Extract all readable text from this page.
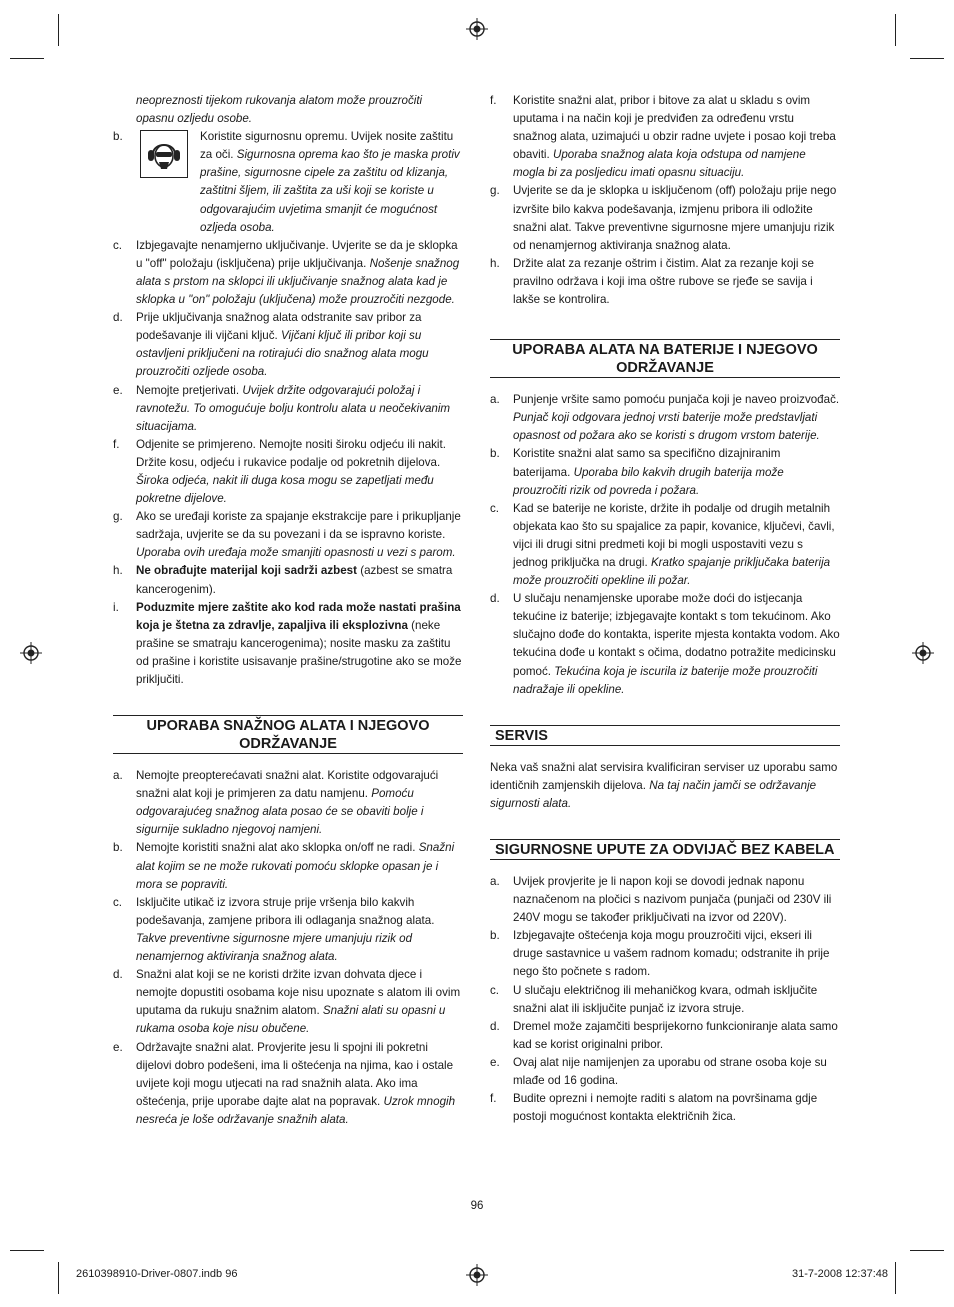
neopreznosti tijekom rukovanja alatom može prouzročiti opasnu ozljedu osobe.
b.	Koristite sigurnosnu opremu. Uvijek nosite zaštitu za oči. Sigurnosna oprema kao što je maska protiv prašine, sigurnosne cipele za zaštitu od klizanja, zaštitni šljem, ili zaštita za uši koji se koriste u odgovarajućim uvjetima smanjit će mogućnost ozljeda osoba.
c. Izbjegavajte nenamjerno uključivanje. Uvjerite se da je sklopka u "off" položaju (isključena) prije uključivanja. Nošenje snažnog alata s prstom na sklopci ili uključivanje snažnog alata kad je sklopka u "on" položaju (uključena) može prouzročiti nezgode.
d. Prije uključivanja snažnog alata odstranite sav pribor za podešavanje ili vijčani ključ. Vijčani ključ ili pribor koji su ostavljeni priključeni na rotirajući dio snažnog alata mogu prouzročiti ozljede osoba.
e. Nemojte pretjerivati. Uvijek držite odgovarajući položaj i ravnotežu. To omogućuje bolju kontrolu alata u neočekivanim situacijama.
f. Odjenite se primjereno. Nemojte nositi široku odjeću ili nakit. Držite kosu, odjeću i rukavice podalje od pokretnih dijelova. Široka odjeća, nakit ili duga kosa mogu se zapetljati među pokretne dijelove.
g. Ako se uređaji koriste za spajanje ekstrakcije pare i prikupljanje sadržaja, uvjerite se da su povezani i da se ispravno koriste. Uporaba ovih uređaja može smanjiti opasnosti u vezi s parom.
h. Ne obrađujte materijal koji sadrži azbest (azbest se smatra kancerogenim).
i. Poduzmite mjere zaštite ako kod rada može nastati prašina koja je štetna za zdravlje, zapaljiva ili eksplozivna (neke prašine se smatraju kancerogenima); nosite masku za zaštitu od prašine i koristite usisavanje prašine/strugotine ako se može priključiti.
UPORABA SNAŽNOG ALATA I NJEGOVO ODRŽAVANJE
a. Nemojte preopterećavati snažni alat. Koristite odgovarajući snažni alat koji je primjeren za datu namjenu. Pomoću odgovarajućeg snažnog alata posao će se obaviti bolje i sigurnije sukladno njegovoj namjeni.
b. Nemojte koristiti snažni alat ako sklopka on/off ne radi. Snažni alat kojim se ne može rukovati pomoću sklopke opasan je i mora se popraviti.
c. Isključite utikač iz izvora struje prije vršenja bilo kakvih podešavanja, zamjene pribora ili odlaganja snažnog alata. Takve preventivne sigurnosne mjere umanjuju rizik od nenamjernog aktiviranja snažnog alata.
d. Snažni alat koji se ne koristi držite izvan dohvata djece i nemojte dopustiti osobama koje nisu upoznate s alatom ili ovim uputama da rukuju snažnim alatom. Snažni alati su opasni u rukama osoba koje nisu obučene.
e. Održavajte snažni alat. Provjerite jesu li spojni ili pokretni dijelovi dobro podešeni, ima li oštećenja na njima, kao i ostale uvijete koji mogu utjecati na rad snažnih alata. Ako ima oštećenja, prije uporabe dajte alat na popravak. Uzrok mnogih nesreća je loše održavanje snažnih alata.
f. Koristite snažni alat, pribor i bitove za alat u skladu s ovim uputama i na način koji je predviđen za određenu vrstu snažnog alata, uzimajući u obzir radne uvjete i posao koji treba obaviti. Uporaba snažnog alata koja odstupa od namjene mogla bi za posljedicu imati opasnu situaciju.
g. Uvjerite se da je sklopka u isključenom (off) položaju prije nego izvršite bilo kakva podešavanja, izmjenu pribora ili odložite snažni alat. Takve preventivne sigurnosne mjere umanjuju rizik od nenamjernog aktiviranja snažnog alata.
h. Držite alat za rezanje oštrim i čistim. Alat za rezanje koji se pravilno održava i koji ima oštre rubove se rjeđe se savija i lakše se kontrolira.
UPORABA ALATA NA BATERIJE I NJEGOVO ODRŽAVANJE
a. Punjenje vršite samo pomoću punjača koji je naveo proizvođač. Punjač koji odgovara jednoj vrsti baterije može predstavljati opasnost od požara ako se koristi s drugom vrstom baterije.
b. Koristite snažni alat samo sa specifično dizajniranim baterijama. Uporaba bilo kakvih drugih baterija može prouzročiti rizik od povreda i požara.
c. Kad se baterije ne koriste, držite ih podalje od drugih metalnih objekata kao što su spajalice za papir, kovanice, ključevi, čavli, vijci ili drugi sitni predmeti koji bi mogli uspostaviti vezu s jednog priključka na drugi. Kratko spajanje priključaka baterija može prouzročiti opekline ili požar.
d. U slučaju nenamjenske uporabe može doći do istjecanja tekućine iz baterije; izbjegavajte kontakt s tom tekućinom. Ako slučajno dođe do kontakta, isperite mjesta kontakta vodom. Ako tekućina dođe u kontakt s očima, dodatno potražite medicinsku pomoć. Tekućina koja je iscurila iz baterije može prouzročiti nadražaje ili opekline.
SERVIS
Neka vaš snažni alat servisira kvalificiran serviser uz uporabu samo identičnih zamjenskih dijelova. Na taj način jamči se održavanje sigurnosti alata.
SIGURNOSNE UPUTE ZA ODVIJAČ BEZ KABELA
a. Uvijek provjerite je li napon koji se dovodi jednak naponu naznačenom na pločici s nazivom punjača (punjači od 230V ili 240V mogu se također priključivati na izvor od 220V).
b. Izbjegavajte oštećenja koja mogu prouzročiti vijci, ekseri ili druge sastavnice u vašem radnom komadu; odstranite ih prije nego što počnete s radom.
c. U slučaju električnog ili mehaničkog kvara, odmah isključite snažni alat ili isključite punjač iz izvora struje.
d. Dremel može zajamčiti besprijekorno funkcioniranje alata samo kad se korist originalni pribor.
e. Ovaj alat nije namijenjen za uporabu od strane osoba koje su mlađe od 16 godina.
f. Budite oprezni i nemojte raditi s alatom na površinama gdje postoji mogućnost kontakta električnih žica.
96
2610398910-Driver-0807.indb 96	31-7-2008 12:37:48
